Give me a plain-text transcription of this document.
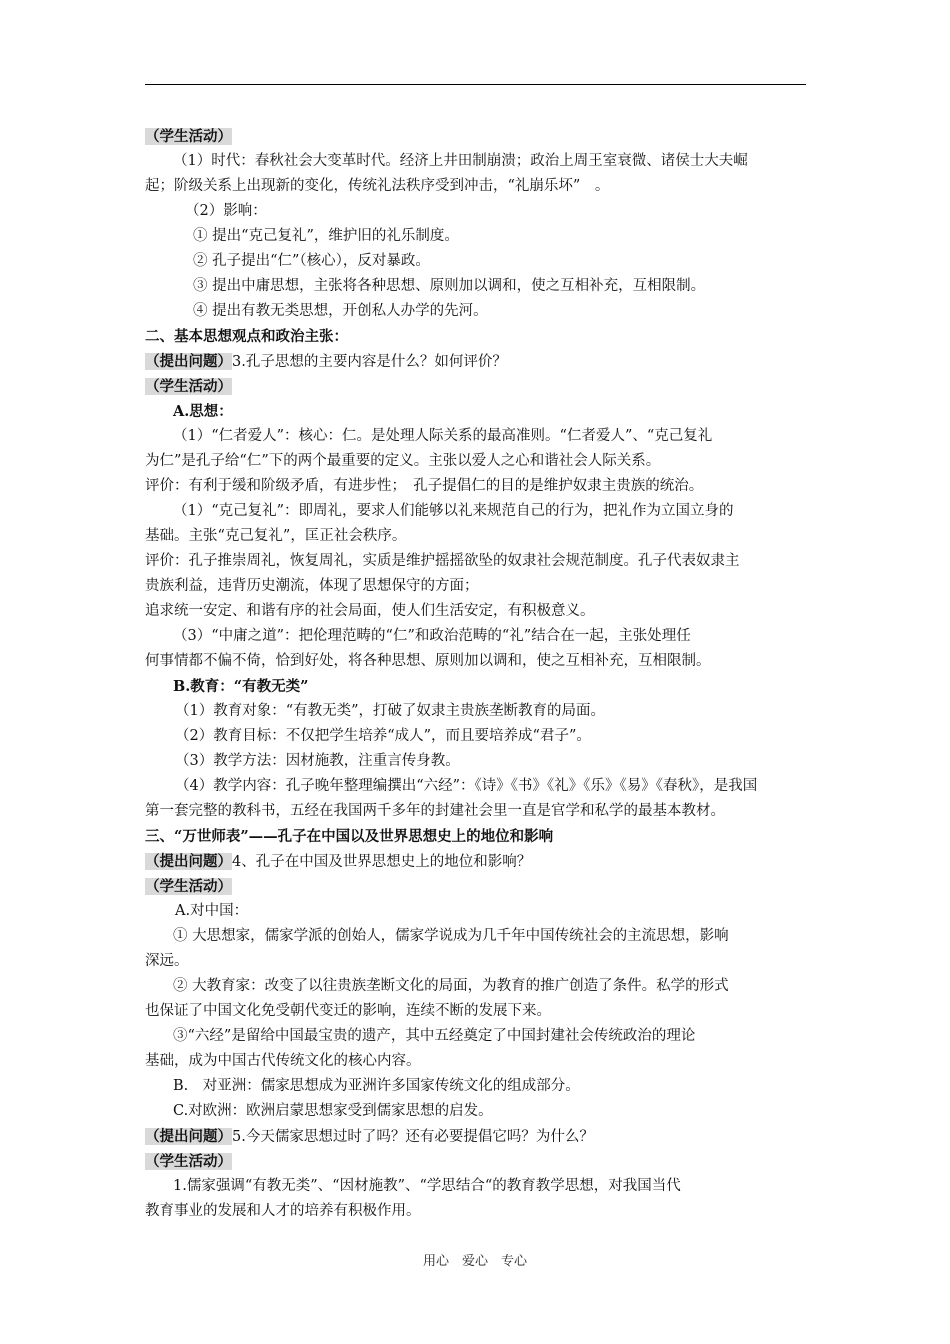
（学生活动）

（1）时代：春秋社会大变革时代。经济上井田制崩溃；政治上周王室衰微、诸侯士大夫崛

起；阶级关系上出现新的变化，传统礼法秩序受到冲击，“礼崩乐坏”　。

（2）影响：

① 提出“克己复礼”，维护旧的礼乐制度。

② 孔子提出“仁”（核心），反对暴政。

③ 提出中庸思想，主张将各种思想、原则加以调和，使之互相补充，互相限制。

④ 提出有教无类思想，开创私人办学的先河。

二、基本思想观点和政治主张：

（提出问题）3.孔子思想的主要内容是什么？如何评价？

（学生活动）

A.思想：

（1）“仁者爱人”：核心：仁。是处理人际关系的最高准则。“仁者爱人”、“克己复礼

为仁”是孔子给“仁”下的两个最重要的定义。主张以爱人之心和谐社会人际关系。

评价：有利于缓和阶级矛盾，有进步性；　孔子提倡仁的目的是维护奴隶主贵族的统治。

（1）“克己复礼”：即周礼，要求人们能够以礼来规范自己的行为，把礼作为立国立身的

基础。主张“克己复礼”，匡正社会秩序。

评价：孔子推崇周礼，恢复周礼，实质是维护摇摇欲坠的奴隶社会规范制度。孔子代表奴隶主

贵族利益，违背历史潮流，体现了思想保守的方面；

追求统一安定、和谐有序的社会局面，使人们生活安定，有积极意义。

（3）“中庸之道”：把伦理范畴的“仁”和政治范畴的“礼”结合在一起，主张处理任

何事情都不偏不倚，恰到好处，将各种思想、原则加以调和，使之互相补充，互相限制。

B.教育：“有教无类”

（1）教育对象：“有教无类”，打破了奴隶主贵族垄断教育的局面。

（2）教育目标：不仅把学生培养“成人”，而且要培养成“君子”。

（3）教学方法：因材施教，注重言传身教。

（4）教学内容：孔子晚年整理编撰出“六经”：《诗》《书》《礼》《乐》《易》《春秋》，是我国

第一套完整的教科书，五经在我国两千多年的封建社会里一直是官学和私学的最基本教材。

三、“万世师表”——孔子在中国以及世界思想史上的地位和影响

（提出问题）4、孔子在中国及世界思想史上的地位和影响？

（学生活动）

A.对中国：

① 大思想家，儒家学派的创始人，儒家学说成为几千年中国传统社会的主流思想，影响

深远。

② 大教育家：改变了以往贵族垄断文化的局面，为教育的推广创造了条件。私学的形式

也保证了中国文化免受朝代变迁的影响，连续不断的发展下来。

③“六经”是留给中国最宝贵的遗产，其中五经奠定了中国封建社会传统政治的理论

基础，成为中国古代传统文化的核心内容。

B.　对亚洲：儒家思想成为亚洲许多国家传统文化的组成部分。

C.对欧洲：欧洲启蒙思想家受到儒家思想的启发。

（提出问题）5.今天儒家思想过时了吗？还有必要提倡它吗？为什么？

（学生活动）

1.儒家强调“有教无类”、“因材施教”、“学思结合“的教育教学思想，对我国当代

教育事业的发展和人才的培养有积极作用。

用心　爱心　专心
